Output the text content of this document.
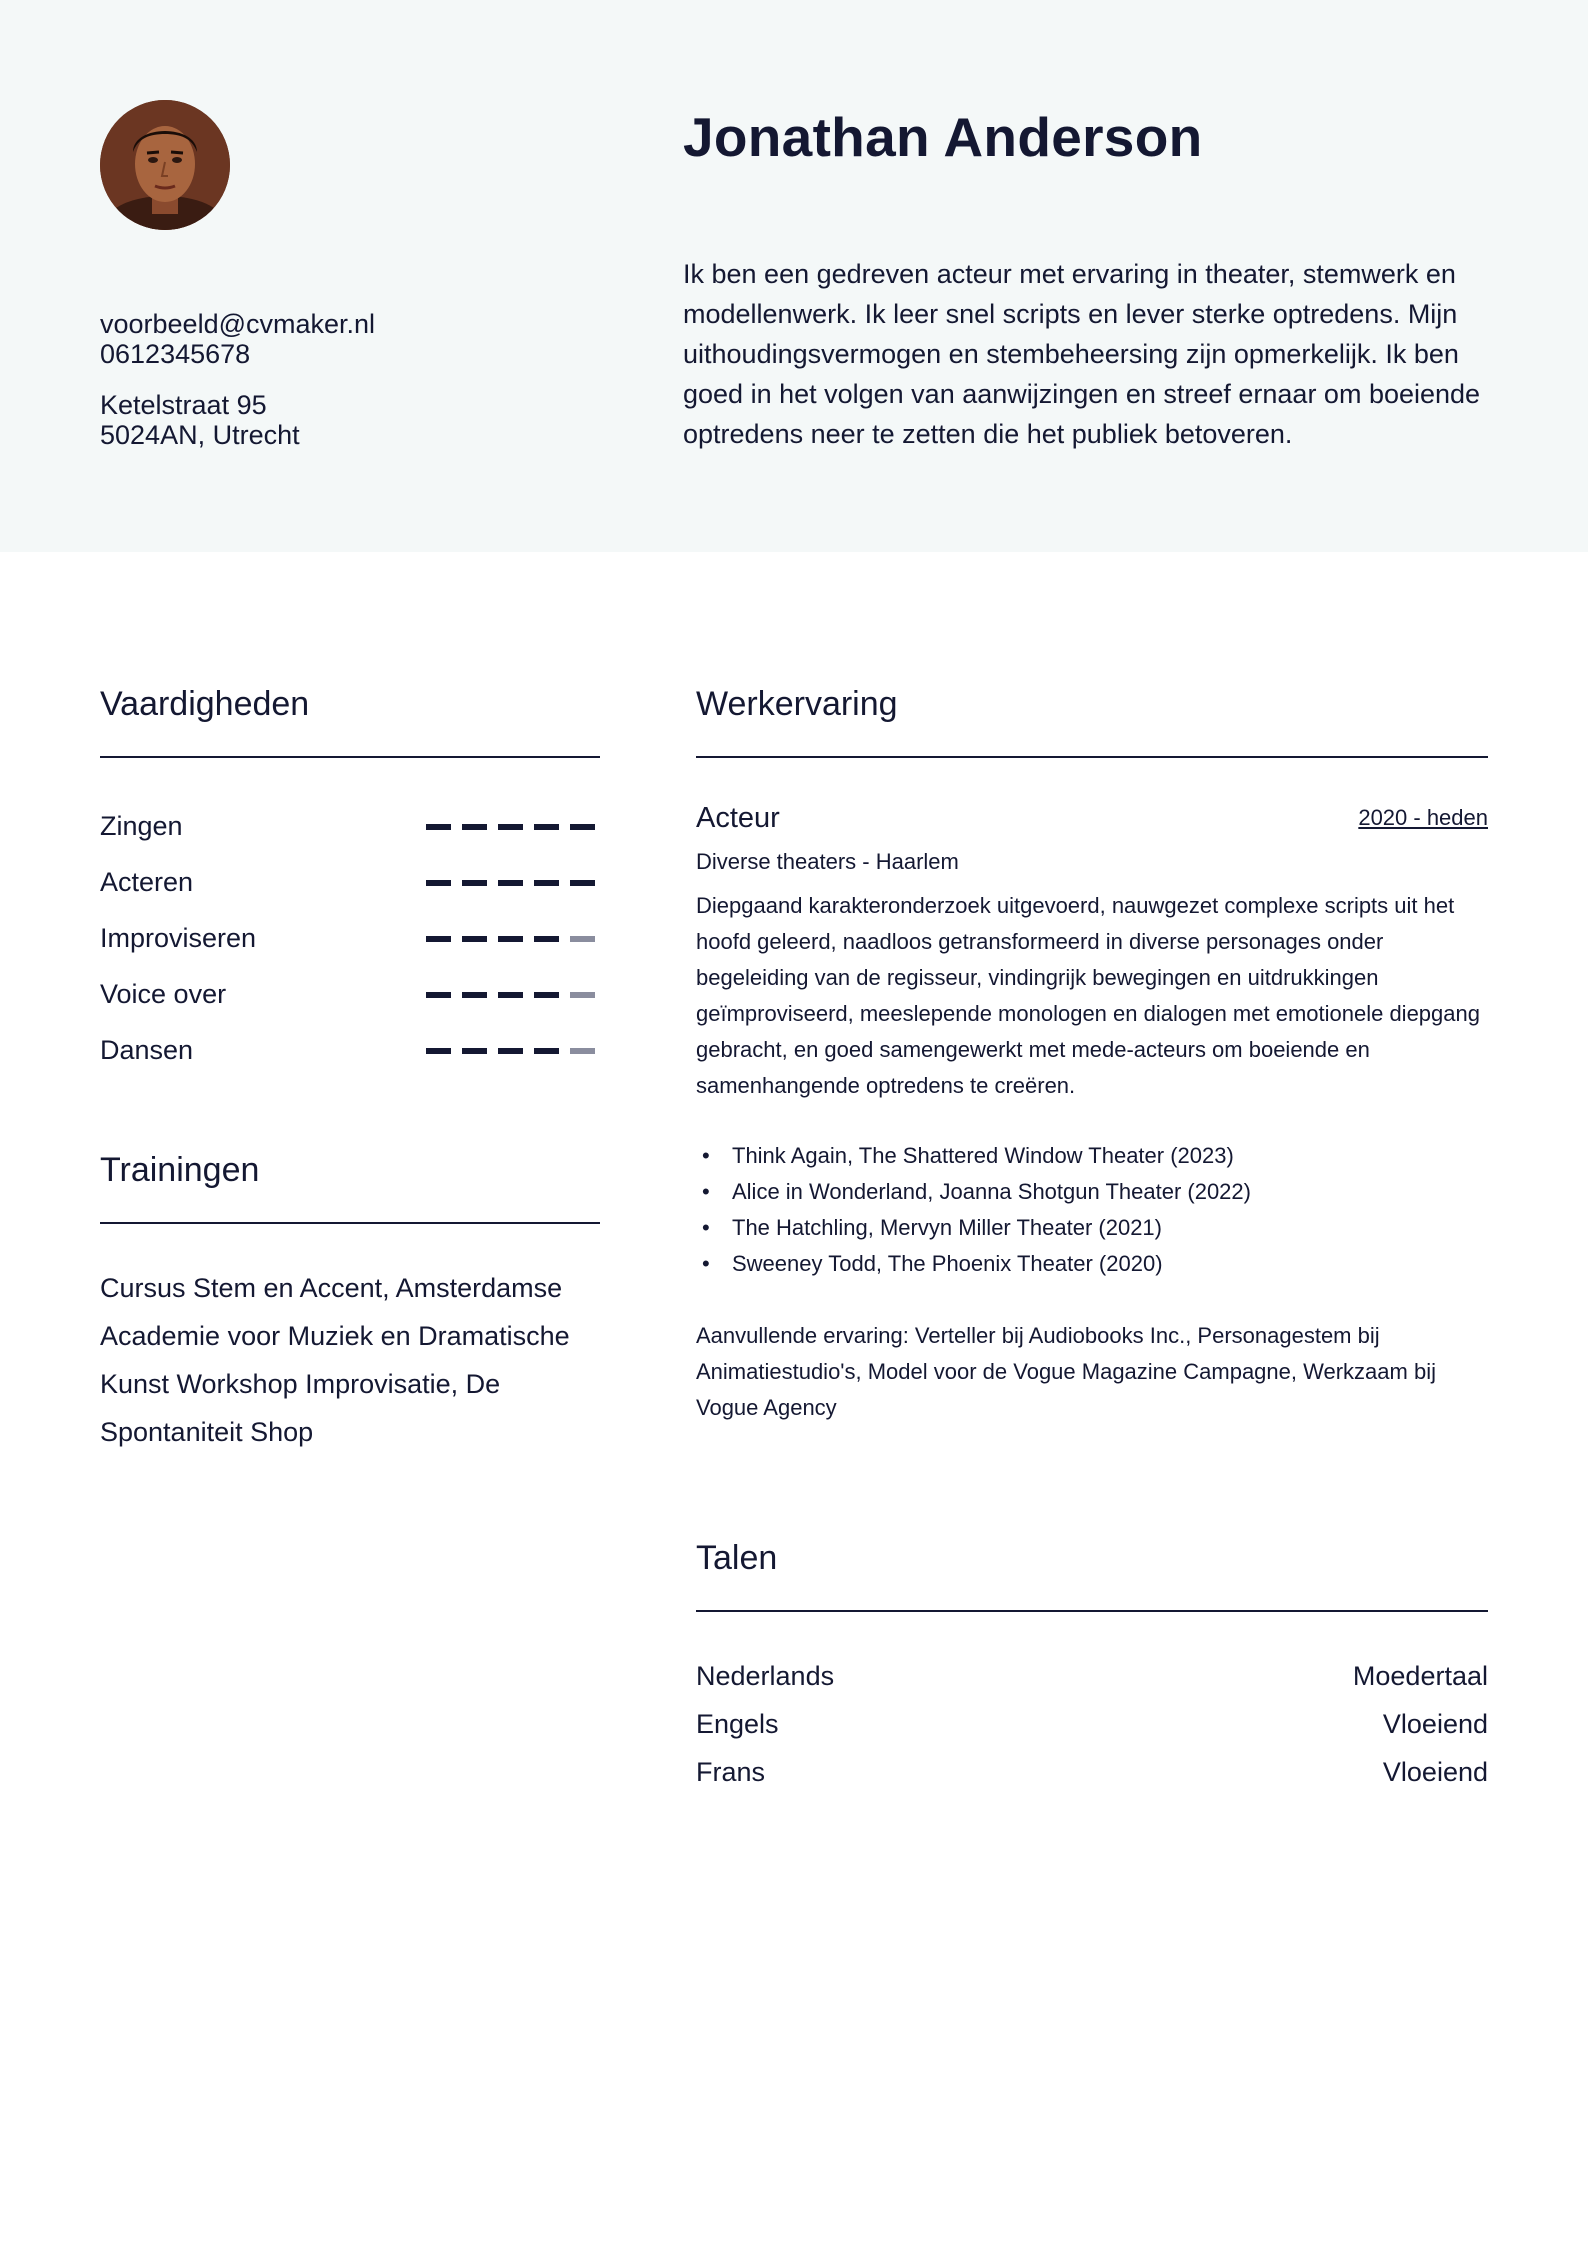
voorbeeld@cvmaker.nl
0612345678
Ketelstraat 95
5024AN, Utrecht
Jonathan Anderson
Ik ben een gedreven acteur met ervaring in theater, stemwerk en modellenwerk. Ik leer snel scripts en lever sterke optredens. Mijn uithoudingsvermogen en stembeheersing zijn opmerkelijk. Ik ben goed in het volgen van aanwijzingen en streef ernaar om boeiende optredens neer te zetten die het publiek betoveren.
Vaardigheden
Zingen
Acteren
Improviseren
Voice over
Dansen
Trainingen
Cursus Stem en Accent, Amsterdamse Academie voor Muziek en Dramatische Kunst Workshop Improvisatie, De Spontaniteit Shop
Werkervaring
Acteur	2020 - heden
Diverse theaters - Haarlem
Diepgaand karakteronderzoek uitgevoerd, nauwgezet complexe scripts uit het hoofd geleerd, naadloos getransformeerd in diverse personages onder begeleiding van de regisseur, vindingrijk bewegingen en uitdrukkingen geïmproviseerd, meeslepende monologen en dialogen met emotionele diepgang gebracht, en goed samengewerkt met mede-acteurs om boeiende en samenhangende optredens te creëren.
• Think Again, The Shattered Window Theater (2023)
• Alice in Wonderland, Joanna Shotgun Theater (2022)
• The Hatchling, Mervyn Miller Theater (2021)
• Sweeney Todd, The Phoenix Theater (2020)
Aanvullende ervaring: Verteller bij Audiobooks Inc., Personagestem bij Animatiestudio's, Model voor de Vogue Magazine Campagne, Werkzaam bij Vogue Agency
Talen
Nederlands	Moedertaal
Engels	Vloeiend
Frans	Vloeiend
